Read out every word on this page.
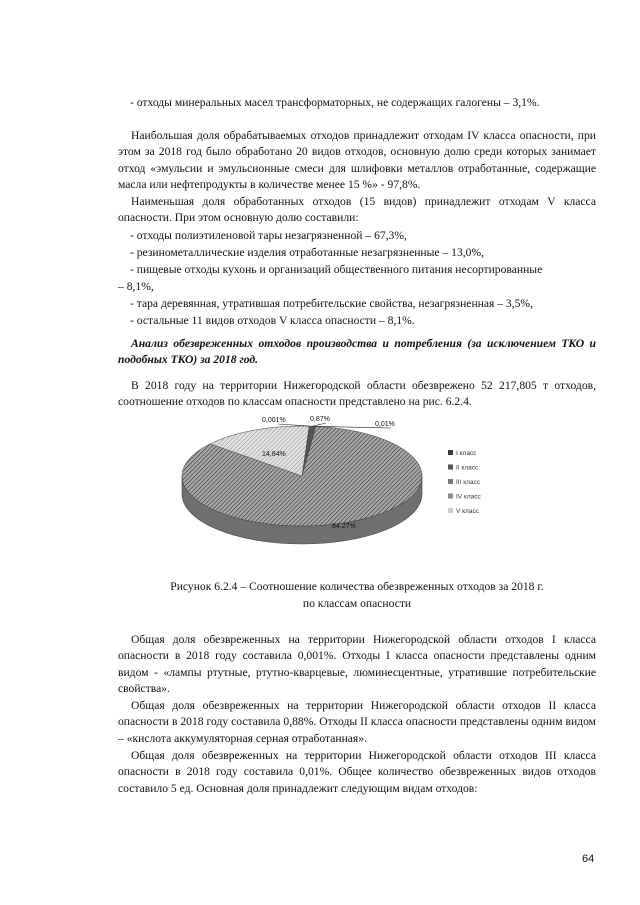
- отходы минеральных масел трансформаторных, не содержащих галогены – 3,1%.
Наибольшая доля обрабатываемых отходов принадлежит отходам IV класса опасности, при этом за 2018 год было обработано 20 видов отходов, основную долю среди которых занимает отход «эмульсии и эмульсионные смеси для шлифовки металлов отработанные, содержащие масла или нефтепродукты в количестве менее 15 %» - 97,8%.
Наименьшая доля обработанных отходов (15 видов) принадлежит отходам V класса опасности. При этом основную долю составили:
- отходы полиэтиленовой тары незагрязненной – 67,3%,
- резинометаллические изделия отработанные незагрязненные – 13,0%,
- пищевые отходы кухонь и организаций общественного питания несортированные
– 8,1%,
- тара деревянная, утратившая потребительские свойства, незагрязненная – 3,5%,
- остальные 11 видов отходов V класса опасности – 8,1%.
Анализ обезвреженных отходов производства и потребления (за исключением ТКО и подобных ТКО) за 2018 год.
В 2018 году на территории Нижегородской области обезврежено 52 217,805 т отходов, соотношение отходов по классам опасности представлено на рис. 6.2.4.
0,001%	0,87%
0,01%
84,27%
14,84%	I класс
II класс
III класс
IV класс
V класс
Рисунок 6.2.4 – Соотношение количества обезвреженных отходов за 2018 г.
по классам опасности
Общая доля обезвреженных на территории Нижегородской области отходов I класса опасности в 2018 году составила 0,001%. Отходы I класса опасности представлены одним видом - «лампы ртутные, ртутно-кварцевые, люминесцентные, утратившие потребительские свойства».
Общая доля обезвреженных на территории Нижегородской области отходов II класса опасности в 2018 году составила 0,88%. Отходы II класса опасности представлены одним видом – «кислота аккумуляторная серная отработанная».
Общая доля обезвреженных на территории Нижегородской области отходов III класса опасности в 2018 году составила 0,01%. Общее количество обезвреженных видов отходов составило 5 ед. Основная доля принадлежит следующим видам отходов:
64
